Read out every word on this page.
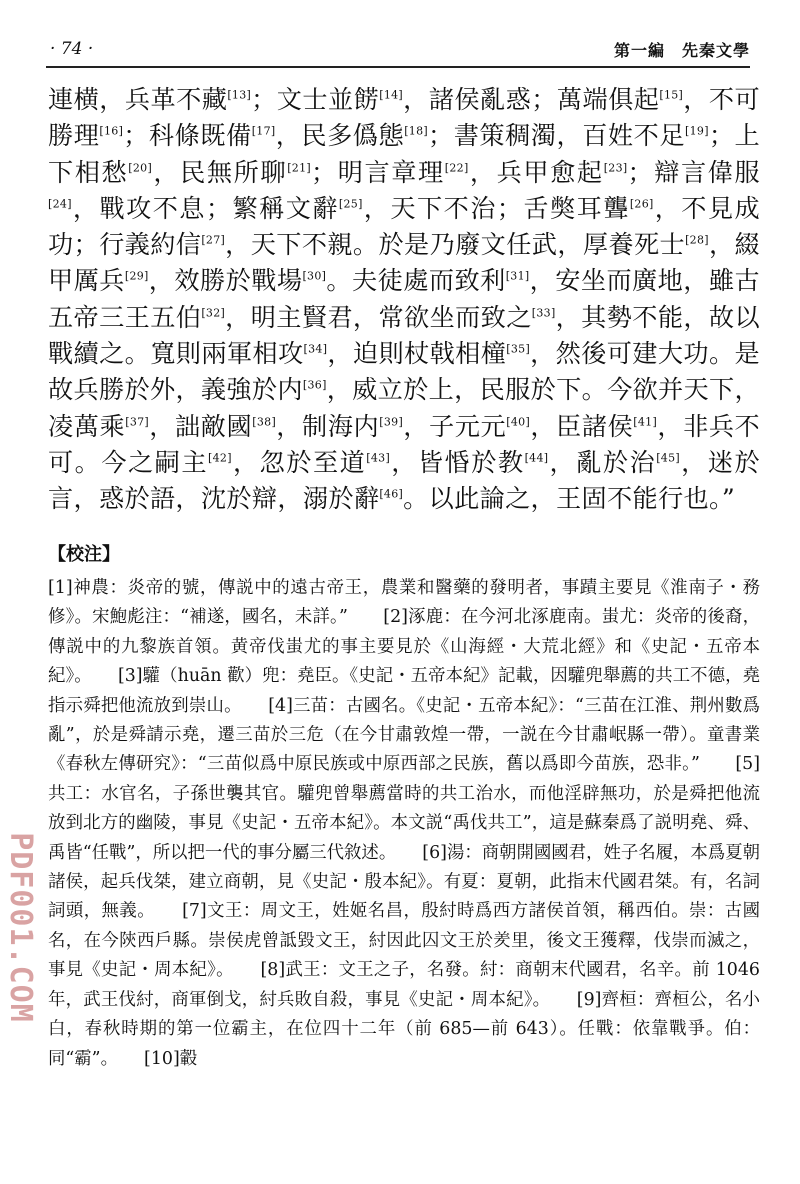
· 74 ·	第一編　先秦文學
連横，兵革不藏[13]；文士並餝[14]，諸侯亂惑；萬端俱起[15]，不可勝理[16]；科條既備[17]，民多僞態[18]；書策稠濁，百姓不足[19]；上下相愁[20]，民無所聊[21]；明言章理[22]，兵甲愈起[23]；辯言偉服[24]，戰攻不息；繁稱文辭[25]，天下不治；舌獘耳聾[26]，不見成功；行義約信[27]，天下不親。於是乃廢文任武，厚養死士[28]，綴甲厲兵[29]，效勝於戰場[30]。夫徒處而致利[31]，安坐而廣地，雖古五帝三王五伯[32]，明主賢君，常欲坐而致之[33]，其勢不能，故以戰續之。寬則兩軍相攻[34]，迫則杖戟相橦[35]，然後可建大功。是故兵勝於外，義強於内[36]，威立於上，民服於下。今欲并天下，凌萬乘[37]，詘敵國[38]，制海内[39]，子元元[40]，臣諸侯[41]，非兵不可。今之嗣主[42]，忽於至道[43]，皆惛於教[44]，亂於治[45]，迷於言，惑於語，沈於辯，溺於辭[46]。以此論之，王固不能行也。”
【校注】
[1]神農：炎帝的號，傳説中的遠古帝王，農業和醫藥的發明者，事蹟主要見《淮南子・務修》。宋鮑彪注：“補遂，國名，未詳。”　　[2]涿鹿：在今河北涿鹿南。蚩尤：炎帝的後裔，傳説中的九黎族首領。黄帝伐蚩尤的事主要見於《山海經・大荒北經》和《史記・五帝本紀》。　　[3]驩（huān 歡）兜：堯臣。《史記・五帝本紀》記載，因驩兜舉薦的共工不德，堯指示舜把他流放到崇山。　　[4]三苗：古國名。《史記・五帝本紀》：“三苗在江淮、荆州數爲亂”，於是舜請示堯，遷三苗於三危（在今甘肅敦煌一帶，一説在今甘肅岷縣一帶）。童書業《春秋左傳研究》：“三苗似爲中原民族或中原西部之民族，舊以爲即今苗族，恐非。”　　[5]共工：水官名，子孫世襲其官。驩兜曾舉薦當時的共工治水，而他淫辟無功，於是舜把他流放到北方的幽陵，事見《史記・五帝本紀》。本文説“禹伐共工”，這是蘇秦爲了説明堯、舜、禹皆“任戰”，所以把一代的事分屬三代敘述。　　[6]湯：商朝開國國君，姓子名履，本爲夏朝諸侯，起兵伐桀，建立商朝，見《史記・殷本紀》。有夏：夏朝，此指末代國君桀。有，名詞詞頭，無義。　　[7]文王：周文王，姓姬名昌，殷紂時爲西方諸侯首領，稱西伯。崇：古國名，在今陝西戶縣。崇侯虎曾詆毀文王，紂因此囚文王於羑里，後文王獲釋，伐崇而滅之，事見《史記・周本紀》。　　[8]武王：文王之子，名發。紂：商朝末代國君，名辛。前 1046 年，武王伐紂，商軍倒戈，紂兵敗自殺，事見《史記・周本紀》。　　[9]齊桓：齊桓公，名小白，春秋時期的第一位霸主，在位四十二年（前 685—前 643）。任戰：依靠戰爭。伯：同“霸”。　　[10]轂
PDF001.COM
